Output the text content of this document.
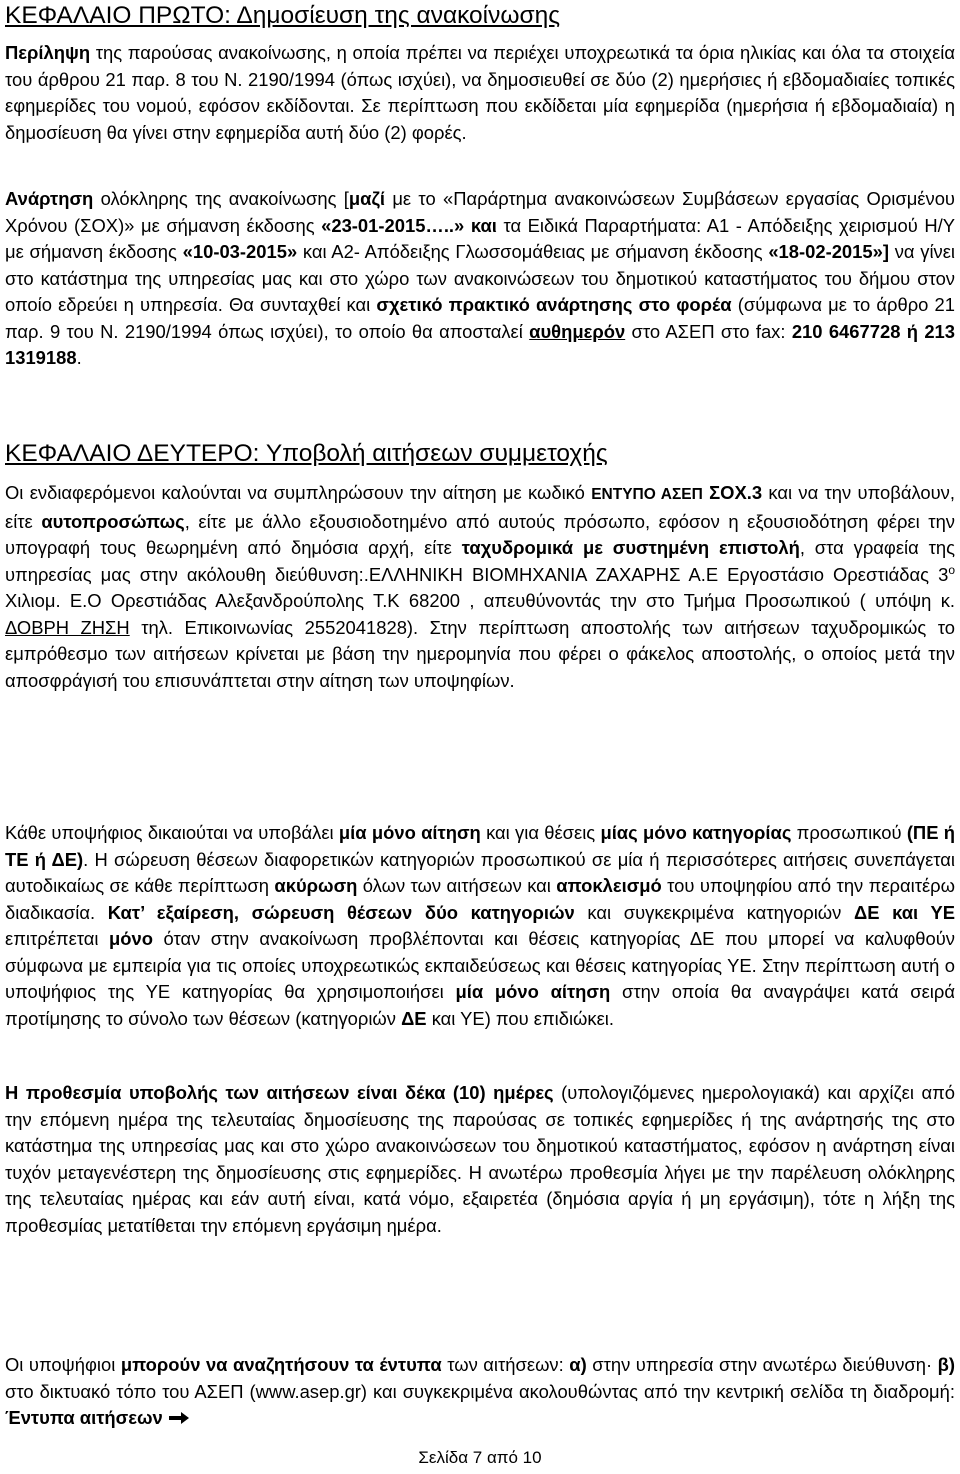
ΚΕΦΑΛΑΙΟ ΠΡΩΤΟ: Δημοσίευση της ανακοίνωσης

Περίληψη της παρούσας ανακοίνωσης, η οποία πρέπει να περιέχει υποχρεωτικά τα όρια ηλικίας και όλα τα στοιχεία του άρθρου 21 παρ. 8 του Ν. 2190/1994 (όπως ισχύει), να δημοσιευθεί σε δύο (2) ημερήσιες ή εβδομαδιαίες τοπικές εφημερίδες του νομού, εφόσον εκδίδονται. Σε περίπτωση που εκδίδεται μία εφημερίδα (ημερήσια ή εβδομαδιαία) η δημοσίευση θα γίνει στην εφημερίδα αυτή δύο (2) φορές.

Ανάρτηση ολόκληρης της ανακοίνωσης [μαζί με το «Παράρτημα ανακοινώσεων Συμβάσεων εργασίας Ορισμένου Χρόνου (ΣΟΧ)» με σήμανση έκδοσης «23-01-2015…..» και τα Ειδικά Παραρτήματα: Α1 - Απόδειξης χειρισμού Η/Υ με σήμανση έκδοσης «10-03-2015» και Α2- Απόδειξης Γλωσσομάθειας με σήμανση έκδοσης «18-02-2015»] να γίνει στο κατάστημα της υπηρεσίας μας και στο χώρο των ανακοινώσεων του δημοτικού καταστήματος του δήμου στον οποίο εδρεύει η υπηρεσία. Θα συνταχθεί και σχετικό πρακτικό ανάρτησης στο φορέα (σύμφωνα με το άρθρο 21 παρ. 9 του Ν. 2190/1994 όπως ισχύει), το οποίο θα αποσταλεί αυθημερόν στο ΑΣΕΠ στο fax: 210 6467728 ή 213 1319188.

ΚΕΦΑΛΑΙΟ ΔΕΥΤΕΡΟ: Υποβολή αιτήσεων συμμετοχής

Οι ενδιαφερόμενοι καλούνται να συμπληρώσουν την αίτηση με κωδικό ΕΝΤΥΠΟ ΑΣΕΠ ΣΟΧ.3 και να την υποβάλουν, είτε αυτοπροσώπως, είτε με άλλο εξουσιοδοτημένο από αυτούς πρόσωπο, εφόσον η εξουσιοδότηση φέρει την υπογραφή τους θεωρημένη από δημόσια αρχή, είτε ταχυδρομικά με συστημένη επιστολή, στα γραφεία της υπηρεσίας μας στην ακόλουθη διεύθυνση:.ΕΛΛΗΝΙΚΗ ΒΙΟΜΗΧΑΝΙΑ ΖΑΧΑΡΗΣ Α.Ε Εργοστάσιο Ορεστιάδας $3^o$ Χιλιομ. Ε.Ο Ορεστιάδας Αλεξανδρούπολης Τ.Κ 68200 , απευθύνοντάς την στο Τμήμα Προσωπικού ( υπόψη κ. ΔΟΒΡΗ ΖΗΣΗ τηλ. Επικοινωνίας 2552041828). Στην περίπτωση αποστολής των αιτήσεων ταχυδρομικώς το εμπρόθεσμο των αιτήσεων κρίνεται με βάση την ημερομηνία που φέρει ο φάκελος αποστολής, ο οποίος μετά την αποσφράγισή του επισυνάπτεται στην αίτηση των υποψηφίων.

Κάθε υποψήφιος δικαιούται να υποβάλει μία μόνο αίτηση και για θέσεις μίας μόνο κατηγορίας προσωπικού (ΠΕ ή ΤΕ ή ΔΕ). Η σώρευση θέσεων διαφορετικών κατηγοριών προσωπικού σε μία ή περισσότερες αιτήσεις συνεπάγεται αυτοδικαίως σε κάθε περίπτωση ακύρωση όλων των αιτήσεων και αποκλεισμό του υποψηφίου από την περαιτέρω διαδικασία. Κατ’ εξαίρεση, σώρευση θέσεων δύο κατηγοριών και συγκεκριμένα κατηγοριών ΔΕ και ΥΕ επιτρέπεται μόνο όταν στην ανακοίνωση προβλέπονται και θέσεις κατηγορίας ΔΕ που μπορεί να καλυφθούν σύμφωνα με εμπειρία για τις οποίες υποχρεωτικώς εκπαιδεύσεως και θέσεις κατηγορίας ΥΕ. Στην περίπτωση αυτή ο υποψήφιος της ΥΕ κατηγορίας θα χρησιμοποιήσει μία μόνο αίτηση στην οποία θα αναγράψει κατά σειρά προτίμησης το σύνολο των θέσεων (κατηγοριών ΔΕ και ΥΕ) που επιδιώκει.

Η προθεσμία υποβολής των αιτήσεων είναι δέκα (10) ημέρες (υπολογιζόμενες ημερολογιακά) και αρχίζει από την επόμενη ημέρα της τελευταίας δημοσίευσης της παρούσας σε τοπικές εφημερίδες ή της ανάρτησής της στο κατάστημα της υπηρεσίας μας και στο χώρο ανακοινώσεων του δημοτικού καταστήματος, εφόσον η ανάρτηση είναι τυχόν μεταγενέστερη της δημοσίευσης στις εφημερίδες. Η ανωτέρω προθεσμία λήγει με την παρέλευση ολόκληρης της τελευταίας ημέρας και εάν αυτή είναι, κατά νόμο, εξαιρετέα (δημόσια αργία ή μη εργάσιμη), τότε η λήξη της προθεσμίας μετατίθεται την επόμενη εργάσιμη ημέρα.

Οι υποψήφιοι μπορούν να αναζητήσουν τα έντυπα των αιτήσεων: α) στην υπηρεσία στην ανωτέρω διεύθυνση· β) στο δικτυακό τόπο του ΑΣΕΠ (www.asep.gr) και συγκεκριμένα ακολουθώντας από την κεντρική σελίδα τη διαδρομή: Έντυπα αιτήσεων

Σελίδα 7 από 10
